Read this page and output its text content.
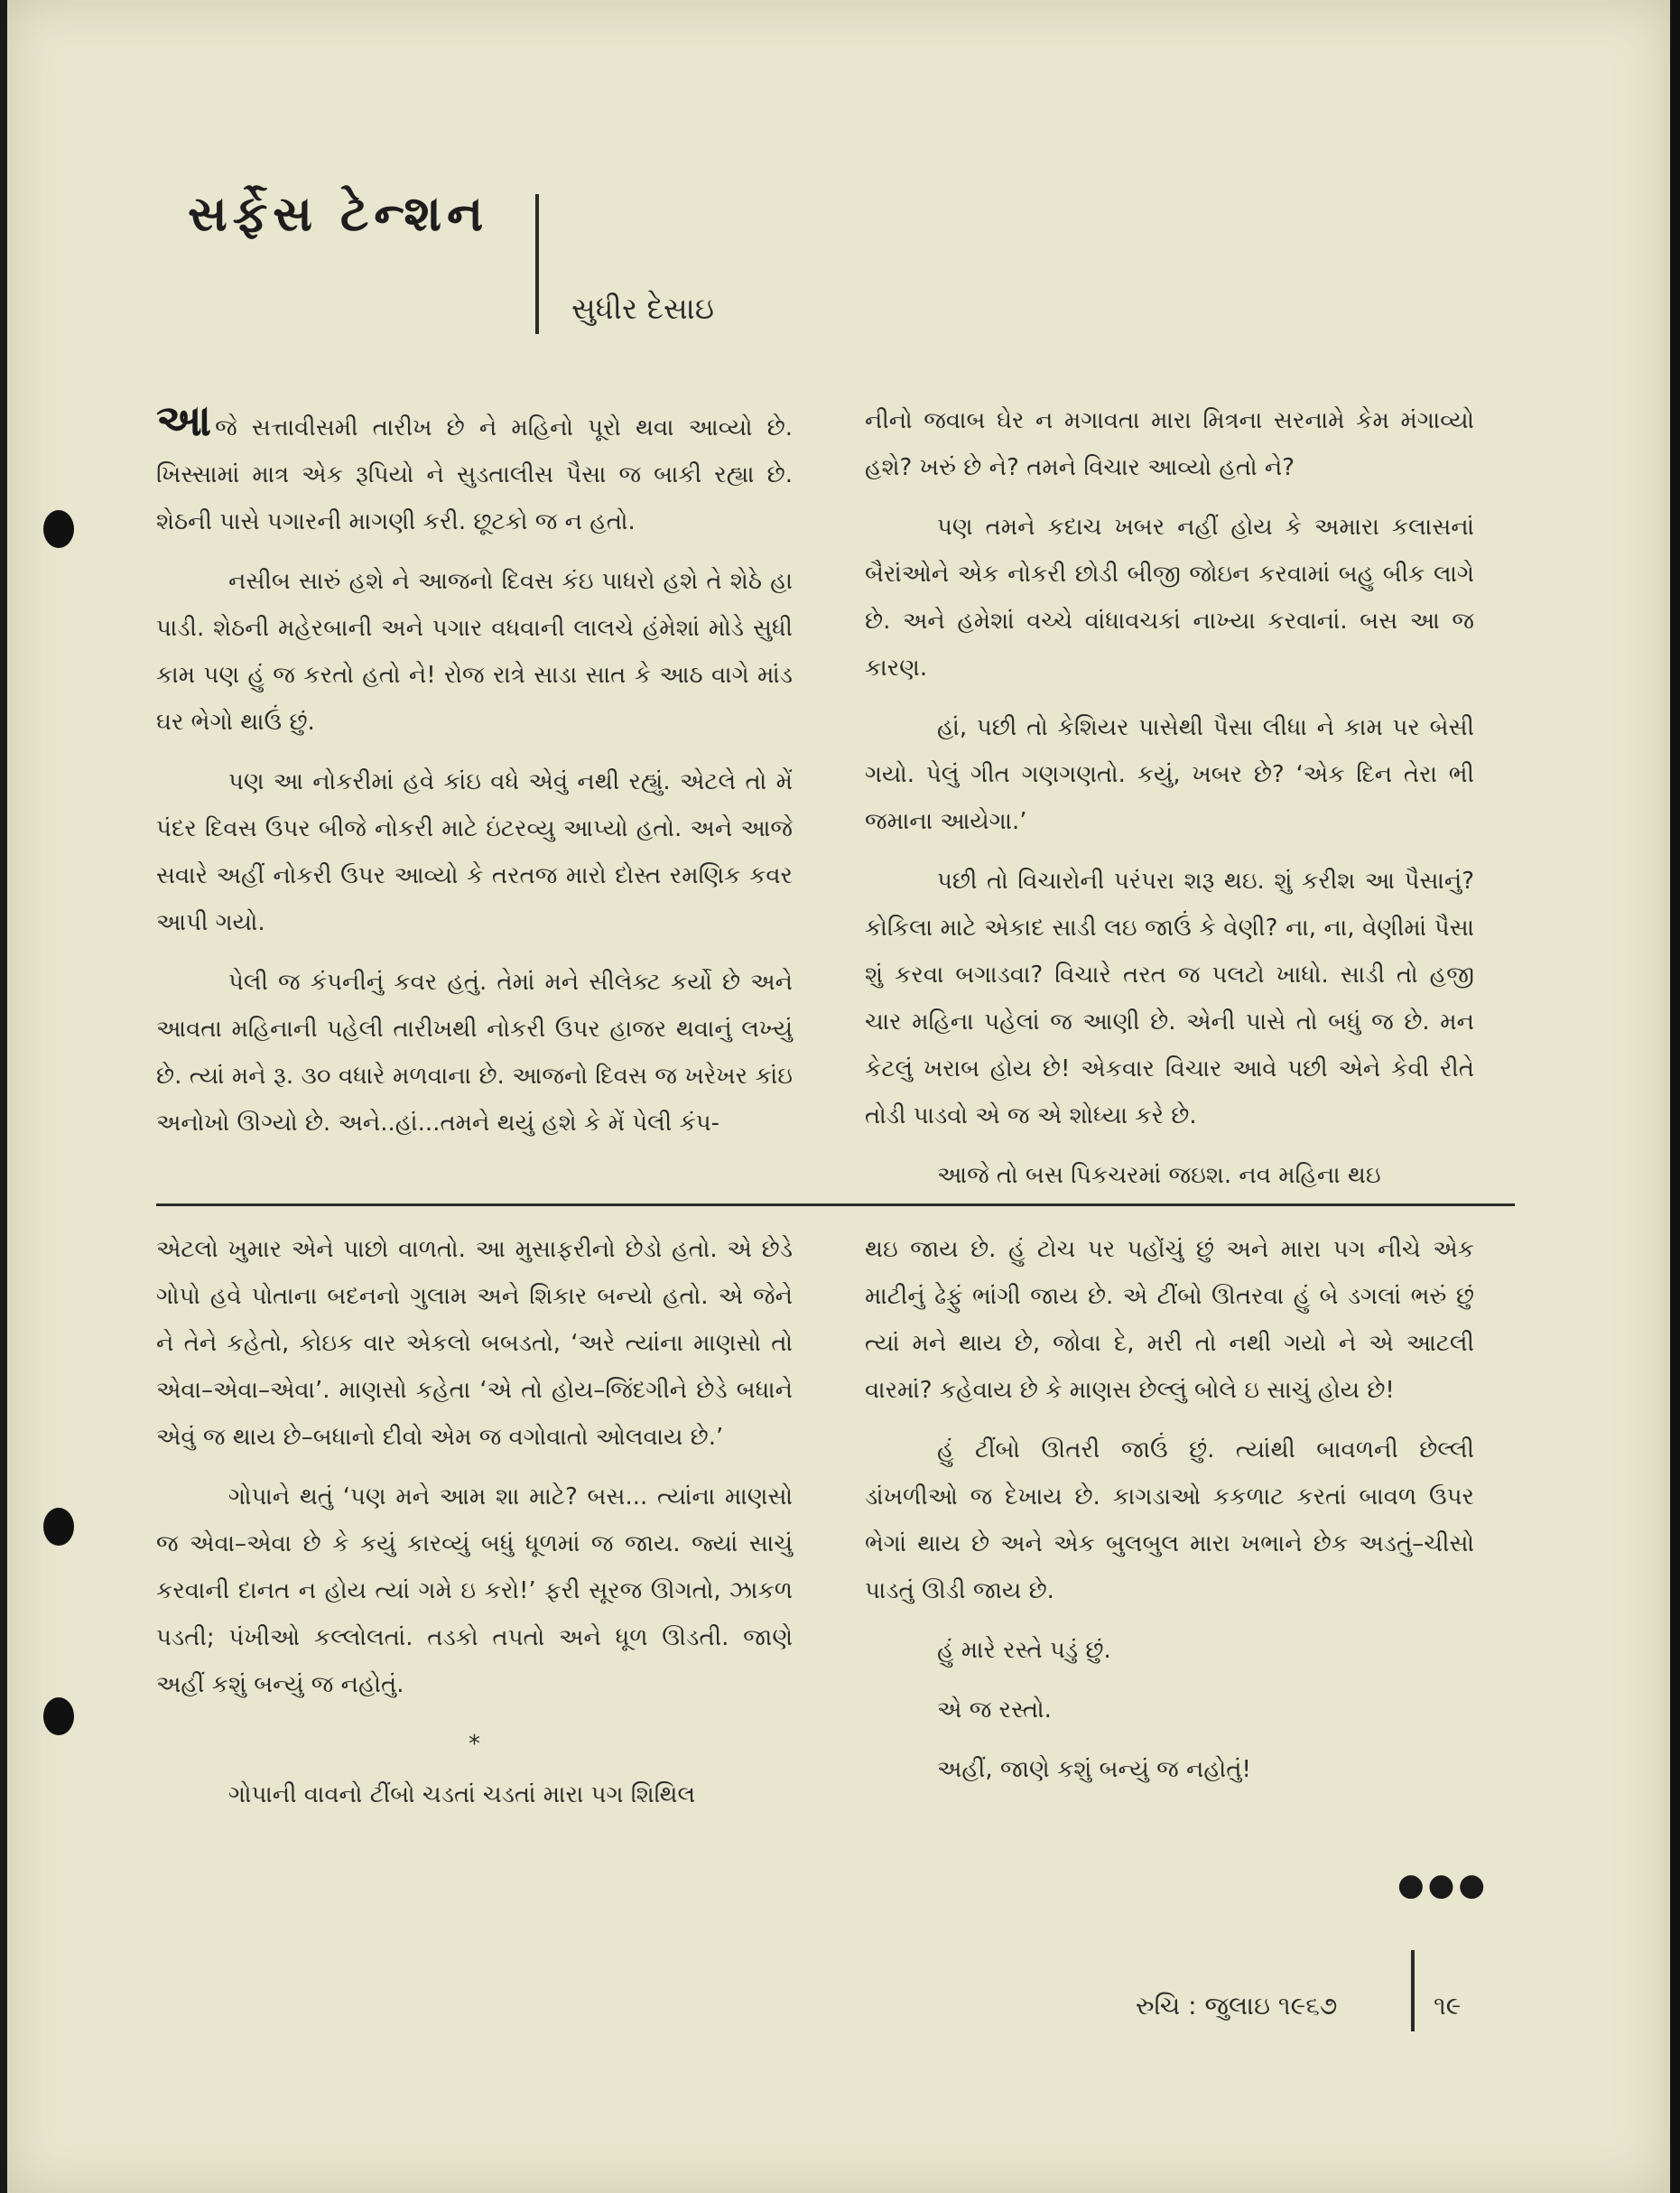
સર્ફેસ ટેન્શન
સુધીર દેસાઇ

આજે સત્તાવીસમી તારીખ છે ને મહિનો પૂરો થવા આવ્યો છે. ખિસ્સામાં માત્ર એક રૂપિયો ને સુડતાલીસ પૈસા જ બાકી રહ્યા છે. શેઠની પાસે પગારની માગણી કરી. છૂટકો જ ન હતો.

નસીબ સારું હશે ને આજનો દિવસ કંઇ પાધરો હશે તે શેઠે હા પાડી. શેઠની મહેરબાની અને પગાર વધવાની લાલચે હંમેશાં મોડે સુધી કામ પણ હું જ કરતો હતો ને! રોજ રાત્રે સાડા સાત કે આઠ વાગે માંડ ઘર ભેગો થાઉં છું.

પણ આ નોકરીમાં હવે કાંઇ વધે એવું નથી રહ્યું. એટલે તો મેં પંદર દિવસ ઉપર બીજે નોકરી માટે ઇંટરવ્યુ આપ્યો હતો. અને આજે સવારે અહીં નોકરી ઉપર આવ્યો કે તરતજ મારો દોસ્ત રમણિક કવર આપી ગયો.

પેલી જ કંપનીનું કવર હતું. તેમાં મને સીલેક્ટ કર્યો છે અને આવતા મહિનાની પહેલી તારીખથી નોકરી ઉપર હાજર થવાનું લખ્યું છે. ત્યાં મને રૂ. ૩૦ વધારે મળવાના છે. આજનો દિવસ જ ખરેખર કાંઇ અનોખો ઊગ્યો છે. અને..હાં...તમને થયું હશે કે મેં પેલી કંપ-

નીનો જવાબ ઘેર ન મગાવતા મારા મિત્રના સરનામે કેમ મંગાવ્યો હશે? ખરું છે ને? તમને વિચાર આવ્યો હતો ને?

પણ તમને કદાચ ખબર નહીં હોય કે અમારા કલાસનાં બૈરાંઓને એક નોકરી છોડી બીજી જોઇન કરવામાં બહુ બીક લાગે છે. અને હમેશાં વચ્ચે વાંધાવચકાં નાખ્યા કરવાનાં. બસ આ જ કારણ.

હાં, પછી તો કેશિયર પાસેથી પૈસા લીધા ને કામ પર બેસી ગયો. પેલું ગીત ગણગણતો. કયું, ખબર છે? ‘એક દિન તેરા ભી જમાના આયેગા.’

પછી તો વિચારોની પરંપરા શરૂ થઇ. શું કરીશ આ પૈસાનું? કોકિલા માટે એકાદ સાડી લઇ જાઉં કે વેણી? ના, ના, વેણીમાં પૈસા શું કરવા બગાડવા? વિચારે તરત જ પલટો ખાધો. સાડી તો હજી ચાર મહિના પહેલાં જ આણી છે. એની પાસે તો બધું જ છે. મન કેટલું ખરાબ હોય છે! એકવાર વિચાર આવે પછી એને કેવી રીતે તોડી પાડવો એ જ એ શોધ્યા કરે છે.

આજે તો બસ પિકચરમાં જઇશ. નવ મહિના થઇ

એટલો ખુમાર એને પાછો વાળતો. આ મુસાફરીનો છેડો હતો. એ છેડે ગોપો હવે પોતાના બદનનો ગુલામ અને શિકાર બન્યો હતો. એ જેને ને તેને કહેતો, કોઇક વાર એકલો બબડતો, ‘અરે ત્યાંના માણસો તો એવા–એવા–એવા’. માણસો કહેતા ‘એ તો હોય–જિંદગીને છેડે બધાને એવું જ થાય છે–બધાનો દીવો એમ જ વગોવાતો ઓલવાય છે.’

ગોપાને થતું ‘પણ મને આમ શા માટે? બસ... ત્યાંના માણસો જ એવા–એવા છે કે કયું કારવ્યું બધું ધૂળમાં જ જાય. જ્યાં સાચું કરવાની દાનત ન હોય ત્યાં ગમે ઇ કરો!’ ફરી સૂરજ ઊગતો, ઝાકળ પડતી; પંખીઓ કલ્લોલતાં. તડકો તપતો અને ધૂળ ઊડતી. જાણે અહીં કશું બન્યું જ નહોતું.

*

ગોપાની વાવનો ટીંબો ચડતાં ચડતાં મારા પગ શિથિલ

થઇ જાય છે. હું ટોચ પર પહોંચું છું અને મારા પગ નીચે એક માટીનું ઢેફું ભાંગી જાય છે. એ ટીંબો ઊતરવા હું બે ડગલાં ભરું છું ત્યાં મને થાય છે, જોવા દે, મરી તો નથી ગયો ને એ આટલી વારમાં? કહેવાય છે કે માણસ છેલ્લું બોલે ઇ સાચું હોય છે!

હું ટીંબો ઊતરી જાઉં છું. ત્યાંથી બાવળની છેલ્લી ડાંખળીઓ જ દેખાય છે. કાગડાઓ કકળાટ કરતાં બાવળ ઉપર ભેગાં થાય છે અને એક બુલબુલ મારા ખભાને છેક અડતું–ચીસો પાડતું ઊડી જાય છે.

હું મારે રસ્તે પડું છું.

એ જ રસ્તો.

અહીં, જાણે કશું બન્યું જ નહોતું!

●●●
રુચિ : જુલાઇ ૧૯૬૭	૧૯
